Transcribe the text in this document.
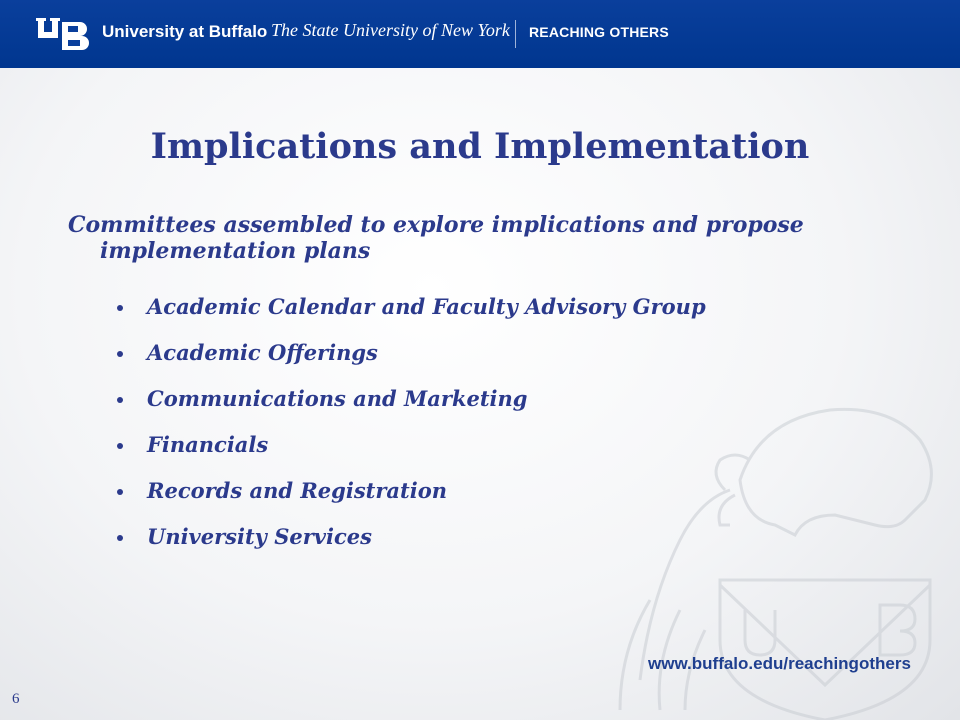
University at Buffalo The State University of New York REACHING OTHERS
Implications and Implementation
Committees assembled to explore implications and propose implementation plans
Academic Calendar and Faculty Advisory Group
Academic Offerings
Communications and Marketing
Financials
Records and Registration
University Services
www.buffalo.edu/reachingothers
6
